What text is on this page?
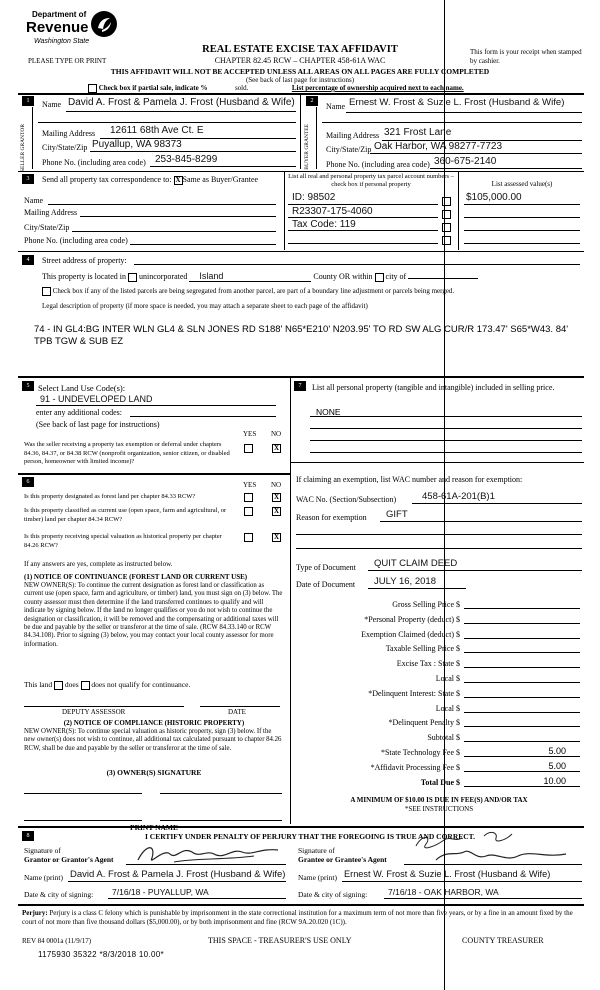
Department of
Revenue
Washington State
PLEASE TYPE OR PRINT
REAL ESTATE EXCISE TAX AFFIDAVIT
CHAPTER 82.45 RCW – CHAPTER 458-61A WAC
This form is your receipt when stamped by cashier.
THIS AFFIDAVIT WILL NOT BE ACCEPTED UNLESS ALL AREAS ON ALL PAGES ARE FULLY COMPLETED
(See back of last page for instructions)
Check box if partial sale, indicate %	sold.	List percentage of ownership acquired next to each name.
1
SELLER GRANTOR
Name David A. Frost & Pamela J. Frost (Husband & Wife)
Mailing Address 12611 68th Ave Ct. E
City/State/Zip Puyallup, WA 98373
Phone No. (including area code) 253-845-8299
2
BUYER GRANTEE
Name Ernest W. Frost & Suzie L. Frost (Husband & Wife)
Mailing Address 321 Frost Lane
City/State/Zip Oak Harbor, WA 98277-7723
Phone No. (including area code) 360-675-2140
3	Send all property tax correspondence to: X Same as Buyer/Grantee
Name
Mailing Address
City/State/Zip
Phone No. (including area code)
List all real and personal property tax parcel account numbers – check box if personal property	List assessed value(s)
ID: 98502
R23307-175-4060
Tax Code: 119
$105,000.00
4	Street address of property:
This property is located in unincorporated Island	County OR within city of
Check box if any of the listed parcels are being segregated from another parcel, are part of a boundary line adjustment or parcels being merged.
Legal description of property (if more space is needed, you may attach a separate sheet to each page of the affidavit)
74 - IN GL4:BG INTER WLN GL4 & SLN JONES RD S188' N65*E210' N203.95' TO RD SW ALG CUR/R 173.47' S65*W43. 84' TPB TGW & SUB EZ
5	Select Land Use Code(s):
91 - UNDEVELOPED LAND
enter any additional codes:
(See back of last page for instructions)
YES NO
Was the seller receiving a property tax exemption or deferral under chapters 84.36, 84.37, or 84.38 RCW (nonprofit organization, senior citizen, or disabled person, homeowner with limited income)?
X
6	YES NO
Is this property designated as forest land per chapter 84.33 RCW?	X
Is this property classified as current use (open space, farm and agricultural, or timber) land per chapter 84.34 RCW?
X
Is this property receiving special valuation as historical property per chapter 84.26 RCW?
X
If any answers are yes, complete as instructed below.
(1) NOTICE OF CONTINUANCE (FOREST LAND OR CURRENT USE)
NEW OWNER(S): To continue the current designation as forest land or classification as current use (open space, farm and agriculture, or timber) land, you must sign on (3) below. The county assessor must then determine if the land transferred continues to qualify and will indicate by signing below. If the land no longer qualifies or you do not wish to continue the designation or classification, it will be removed and the compensating or additional taxes will be due and payable by the seller or transferor at the time of sale. (RCW 84.33.140 or RCW 84.34.108). Prior to signing (3) below, you may contact your local county assessor for more information.
This land does does not qualify for continuance.
DEPUTY ASSESSOR	DATE
(2) NOTICE OF COMPLIANCE (HISTORIC PROPERTY)
NEW OWNER(S): To continue special valuation as historic property, sign (3) below. If the new owner(s) does not wish to continue, all additional tax calculated pursuant to chapter 84.26 RCW, shall be due and payable by the seller or transferor at the time of sale.
(3) OWNER(S) SIGNATURE
PRINT NAME
7	List all personal property (tangible and intangible) included in selling price.
NONE
If claiming an exemption, list WAC number and reason for exemption:
WAC No. (Section/Subsection)	458-61A-201(B)1
Reason for exemption GIFT
Type of Document QUIT CLAIM DEED
Date of Document JULY 16, 2018
Gross Selling Price $
*Personal Property (deduct) $
Exemption Claimed (deduct) $
Taxable Selling Price $
Excise Tax : State $
Local $
*Delinquent Interest: State $
Local $
*Delinquent Penalty $
Subtotal $
*State Technology Fee $	5.00
*Affidavit Processing Fee $	5.00
Total Due $	10.00
A MINIMUM OF $10.00 IS DUE IN FEE(S) AND/OR TAX
*SEE INSTRUCTIONS
8	I CERTIFY UNDER PENALTY OF PERJURY THAT THE FOREGOING IS TRUE AND CORRECT.
Signature of
Grantor or Grantor's Agent
Signature of
Grantee or Grantee's Agent
Name (print) David A. Frost & Pamela J. Frost (Husband & Wife) Name (print) Ernest W. Frost & Suzie L. Frost (Husband & Wife)
Date & city of signing: 7/16/18 - PUYALLUP, WA	Date & city of signing: 7/16/18 - OAK HARBOR, WA
Perjury: Perjury is a class C felony which is punishable by imprisonment in the state correctional institution for a maximum term of not more than five years, or by a fine in an amount fixed by the court of not more than five thousand dollars ($5,000.00), or by both imprisonment and fine (RCW 9A.20.020 (1C)).
REV 84 0001a (11/9/17)	THIS SPACE - TREASURER'S USE ONLY	COUNTY TREASURER
1175930 35322 *8/3/2018 10.00*
